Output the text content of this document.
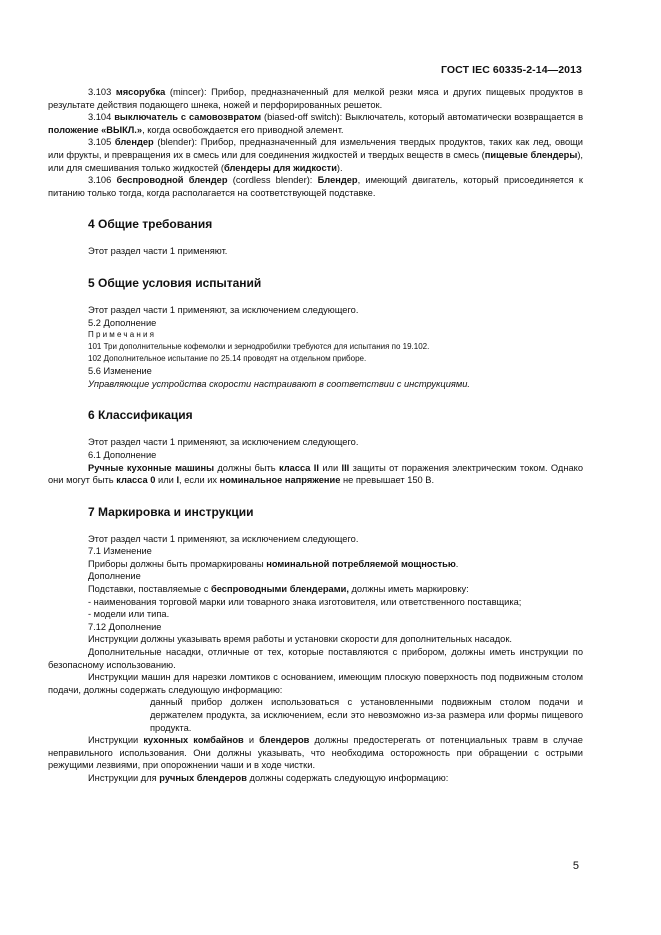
ГОСТ IEC 60335-2-14—2013

3.103 мясорубка (mincer): Прибор, предназначенный для мелкой резки мяса и других пищевых продуктов в результате действия подающего шнека, ножей и перфорированных решеток.

3.104 выключатель с самовозвратом (biased-off switch): Выключатель, который автоматически возвращается в положение «ВЫКЛ.», когда освобождается его приводной элемент.

3.105 блендер (blender): Прибор, предназначенный для измельчения твердых продуктов, таких как лед, овощи или фрукты, и превращения их в смесь или для соединения жидкостей и твердых веществ в смесь (пищевые блендеры), или для смешивания только жидкостей (блендеры для жидкости).

3.106 беспроводной блендер (cordless blender): Блендер, имеющий двигатель, который присоединяется к питанию только тогда, когда располагается на соответствующей подставке.

4 Общие требования

Этот раздел части 1 применяют.

5 Общие условия испытаний

Этот раздел части 1 применяют, за исключением следующего.

5.2 Дополнение

Примечания

101 Три дополнительные кофемолки и зернодробилки требуются для испытания по 19.102.

102 Дополнительное испытание по 25.14 проводят на отдельном приборе.

5.6 Изменение

Управляющие устройства скорости настраивают в соответствии с инструкциями.

6 Классификация

Этот раздел части 1 применяют, за исключением следующего.

6.1 Дополнение

Ручные кухонные машины должны быть класса II или III защиты от поражения электрическим током. Однако они могут быть класса 0 или I, если их номинальное напряжение не превышает 150 В.

7 Маркировка и инструкции

Этот раздел части 1 применяют, за исключением следующего.

7.1 Изменение

Приборы должны быть промаркированы номинальной потребляемой мощностью.

Дополнение

Подставки, поставляемые с беспроводными блендерами, должны иметь маркировку:

- наименования торговой марки или товарного знака изготовителя, или ответственного поставщика;

- модели или типа.

7.12 Дополнение

Инструкции должны указывать время работы и установки скорости для дополнительных насадок.

Дополнительные насадки, отличные от тех, которые поставляются с прибором, должны иметь инструкции по безопасному использованию.

Инструкции машин для нарезки ломтиков с основанием, имеющим плоскую поверхность под подвижным столом подачи, должны содержать следующую информацию:

данный прибор должен использоваться с установленными подвижным столом подачи и держателем продукта, за исключением, если это невозможно из-за размера или формы пищевого продукта.

Инструкции кухонных комбайнов и блендеров должны предостерегать от потенциальных травм в случае неправильного использования. Они должны указывать, что необходима осторожность при обращении с острыми режущими лезвиями, при опорожнении чаши и в ходе чистки.

Инструкции для ручных блендеров должны содержать следующую информацию:

5
